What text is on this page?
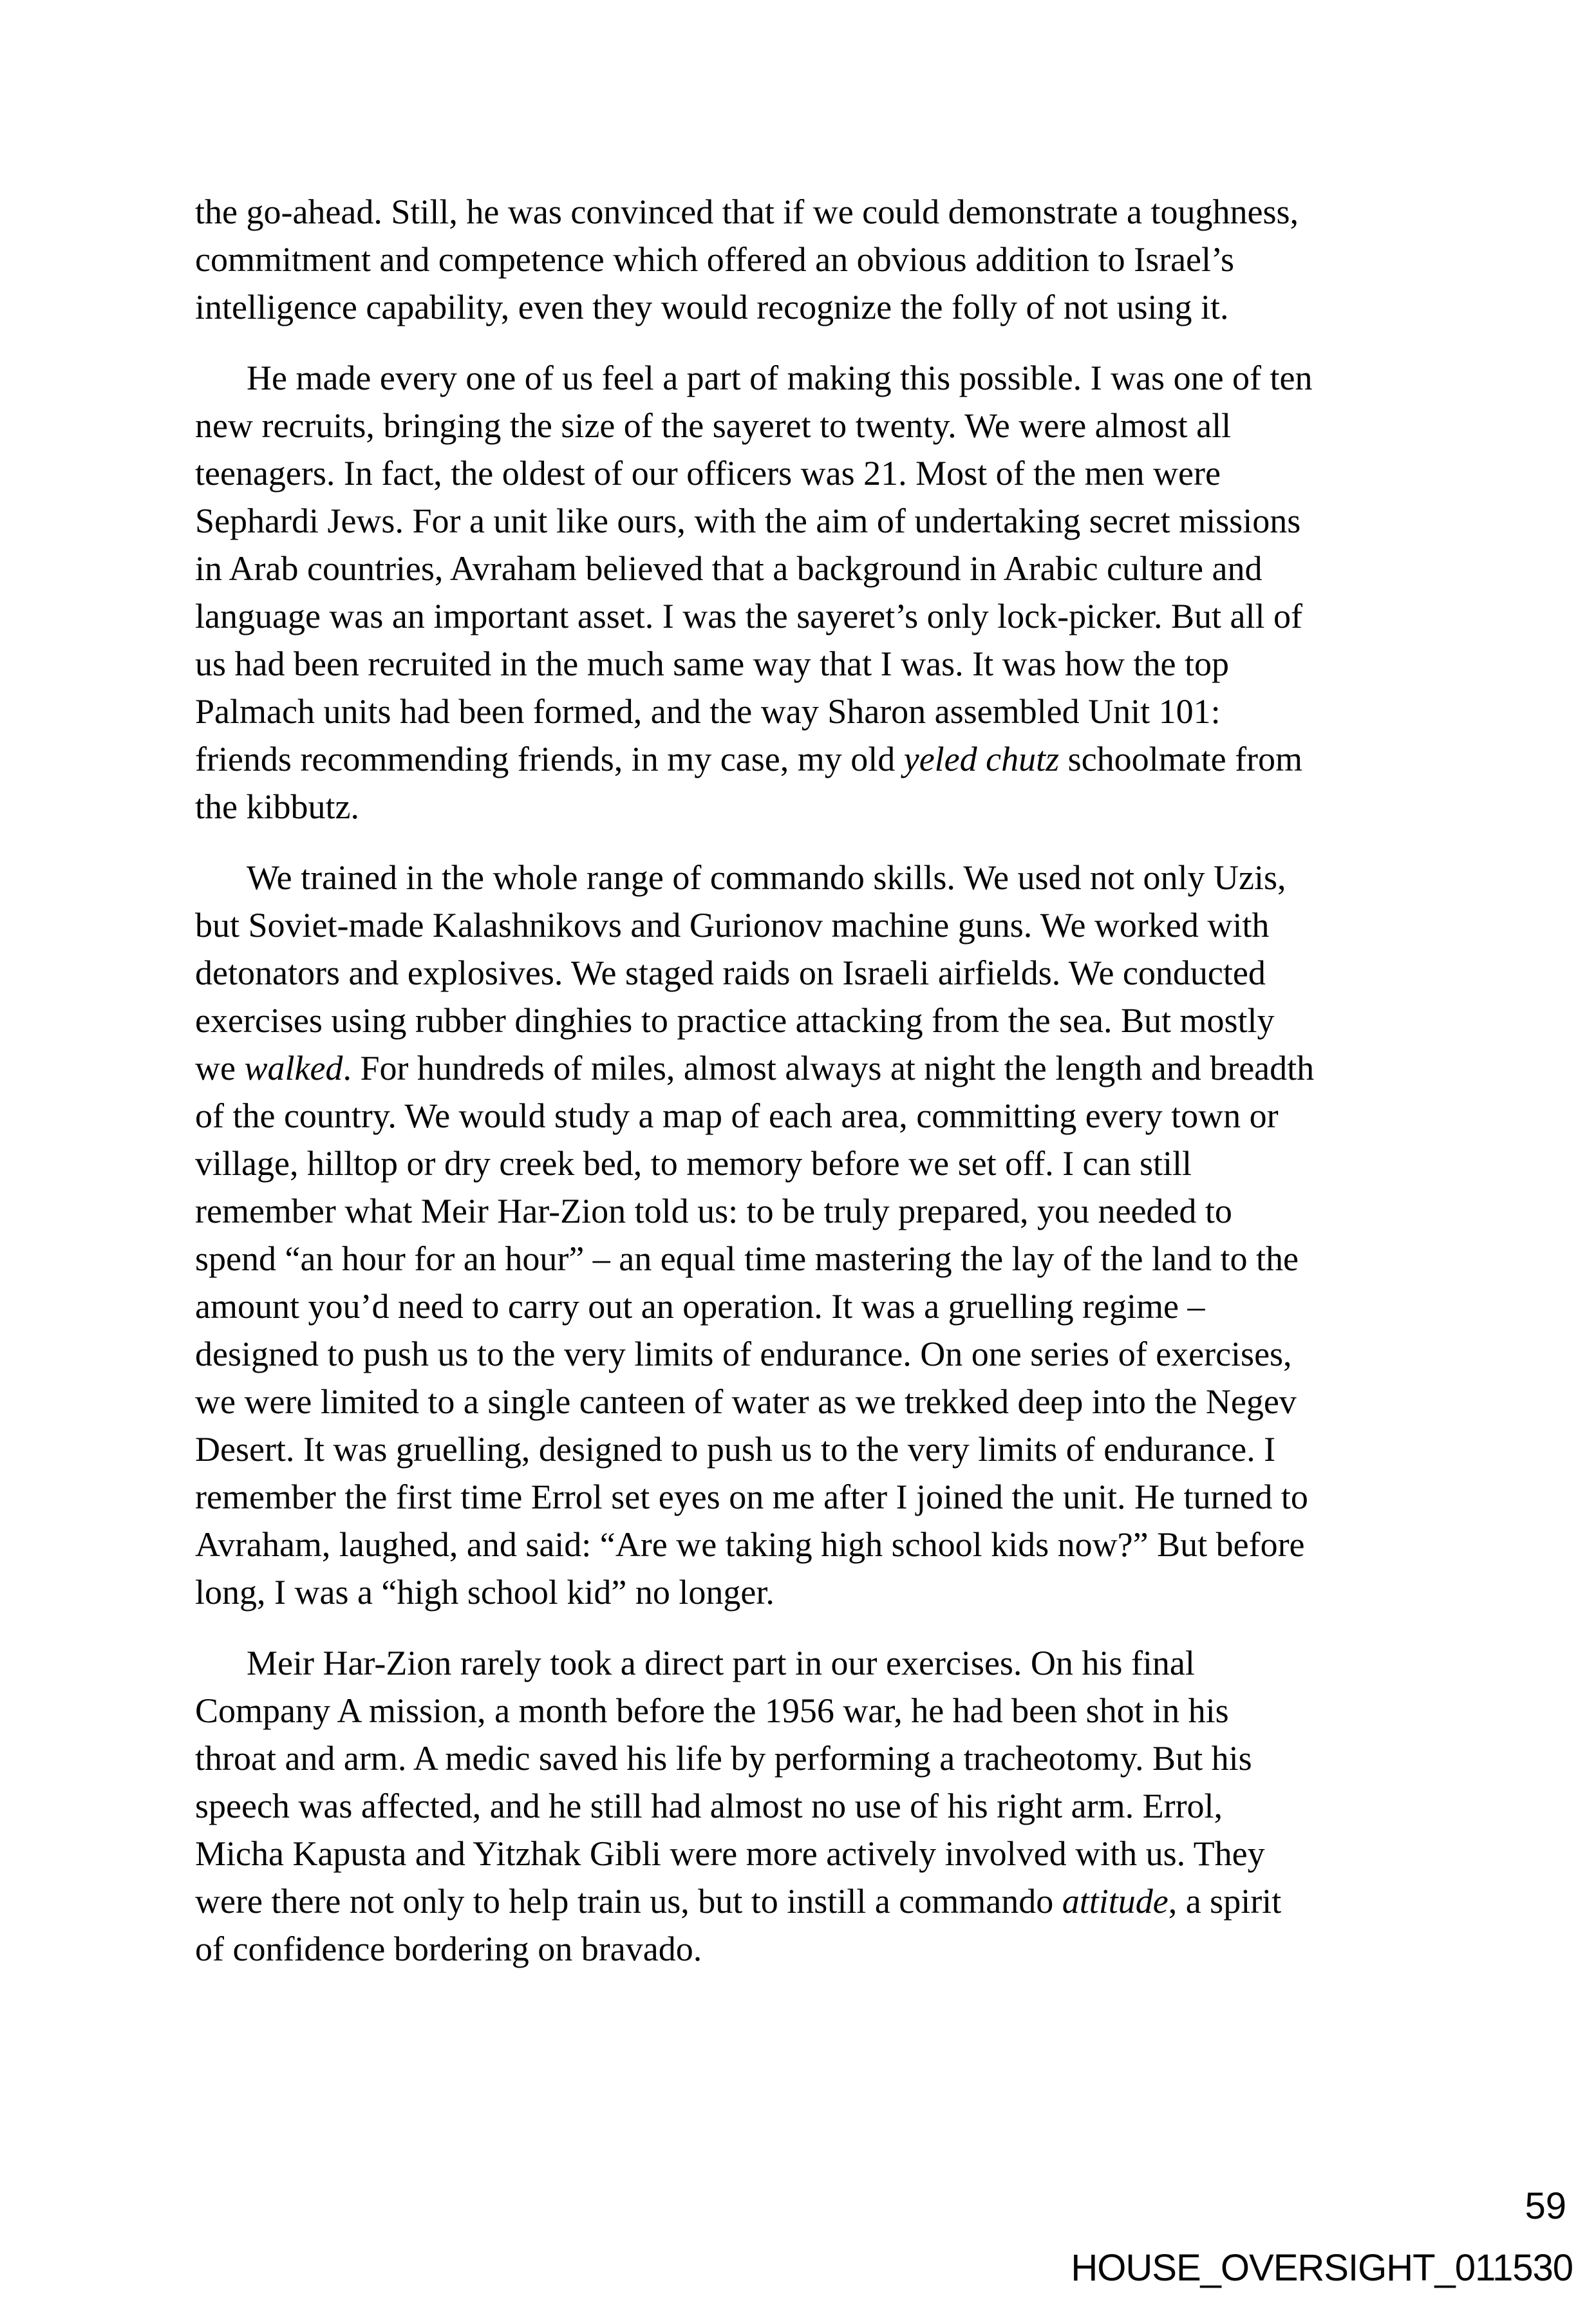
the go-ahead. Still, he was convinced that if we could demonstrate a toughness,
commitment and competence which offered an obvious addition to Israel’s
intelligence capability, even they would recognize the folly of not using it.
He made every one of us feel a part of making this possible. I was one of ten
new recruits, bringing the size of the sayeret to twenty. We were almost all
teenagers. In fact, the oldest of our officers was 21. Most of the men were
Sephardi Jews. For a unit like ours, with the aim of undertaking secret missions
in Arab countries, Avraham believed that a background in Arabic culture and
language was an important asset. I was the sayeret’s only lock-picker. But all of
us had been recruited in the much same way that I was. It was how the top
Palmach units had been formed, and the way Sharon assembled Unit 101:
friends recommending friends, in my case, my old yeled chutz schoolmate from
the kibbutz.
We trained in the whole range of commando skills. We used not only Uzis,
but Soviet-made Kalashnikovs and Gurionov machine guns. We worked with
detonators and explosives. We staged raids on Israeli airfields. We conducted
exercises using rubber dinghies to practice attacking from the sea. But mostly
we walked. For hundreds of miles, almost always at night the length and breadth
of the country. We would study a map of each area, committing every town or
village, hilltop or dry creek bed, to memory before we set off. I can still
remember what Meir Har-Zion told us: to be truly prepared, you needed to
spend “an hour for an hour” – an equal time mastering the lay of the land to the
amount you’d need to carry out an operation. It was a gruelling regime –
designed to push us to the very limits of endurance. On one series of exercises,
we were limited to a single canteen of water as we trekked deep into the Negev
Desert. It was gruelling, designed to push us to the very limits of endurance. I
remember the first time Errol set eyes on me after I joined the unit. He turned to
Avraham, laughed, and said: “Are we taking high school kids now?” But before
long, I was a “high school kid” no longer.
Meir Har-Zion rarely took a direct part in our exercises. On his final
Company A mission, a month before the 1956 war, he had been shot in his
throat and arm. A medic saved his life by performing a tracheotomy. But his
speech was affected, and he still had almost no use of his right arm. Errol,
Micha Kapusta and Yitzhak Gibli were more actively involved with us. They
were there not only to help train us, but to instill a commando attitude, a spirit
of confidence bordering on bravado.
59
HOUSE_OVERSIGHT_011530
